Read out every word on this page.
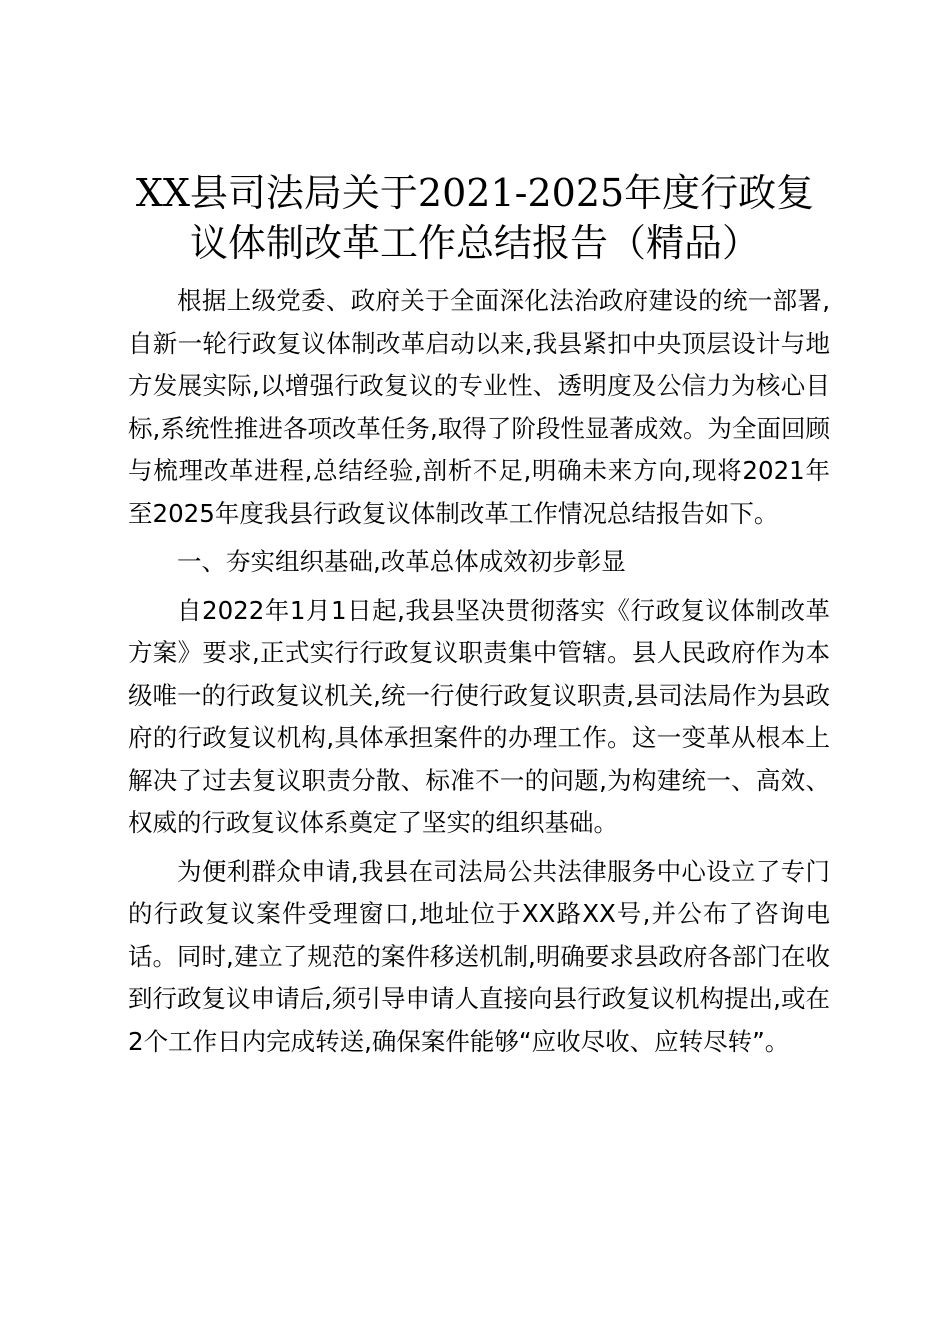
XX县司法局关于2021-2025年度行政复议体制改革工作总结报告（精品）

根据上级党委、政府关于全面深化法治政府建设的统一部署,自新一轮行政复议体制改革启动以来,我县紧扣中央顶层设计与地方发展实际,以增强行政复议的专业性、透明度及公信力为核心目标,系统性推进各项改革任务,取得了阶段性显著成效。为全面回顾与梳理改革进程,总结经验,剖析不足,明确未来方向,现将2021年至2025年度我县行政复议体制改革工作情况总结报告如下。

一、夯实组织基础,改革总体成效初步彰显

自2022年1月1日起,我县坚决贯彻落实《行政复议体制改革方案》要求,正式实行行政复议职责集中管辖。县人民政府作为本级唯一的行政复议机关,统一行使行政复议职责,县司法局作为县政府的行政复议机构,具体承担案件的办理工作。这一变革从根本上解决了过去复议职责分散、标准不一的问题,为构建统一、高效、权威的行政复议体系奠定了坚实的组织基础。

为便利群众申请,我县在司法局公共法律服务中心设立了专门的行政复议案件受理窗口,地址位于XX路XX号,并公布了咨询电话。同时,建立了规范的案件移送机制,明确要求县政府各部门在收到行政复议申请后,须引导申请人直接向县行政复议机构提出,或在2个工作日内完成转送,确保案件能够“应收尽收、应转尽转”。
